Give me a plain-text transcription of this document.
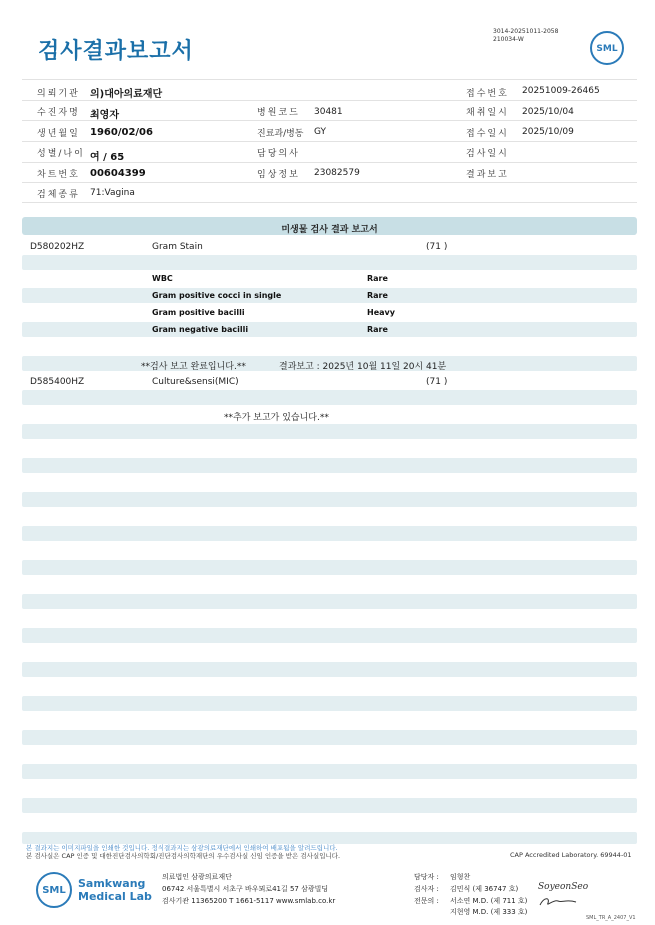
검사결과보고서
3014-20251011-2058
210034-W
SML
의뢰기관 의)대아의료재단	접수번호 20251009-26465
수진자명 최영자	병원코드 30481	채취일시 2025/10/04
생년월일 1960/02/06	진료과/병동 GY	접수일시 2025/10/09
성별/나이 여 / 65	담당의사	검사일시
차트번호 00604399	임상정보 23082579	결과보고
검체종류 71:Vagina
미생물 검사 결과 보고서
D580202HZ	Gram Stain	(71 )
WBC	Rare
Gram positive cocci in single	Rare
Gram positive bacilli	Heavy
Gram negative bacilli	Rare
**검사 보고 완료입니다.**	결과보고 : 2025년 10월 11일 20시 41분
D585400HZ	Culture&sensi(MIC)	(71 )
**추가 보고가 있습니다.**
본 결과지는 이미지파일을 인쇄한 것입니다. 정식결과지는 삼광의료재단에서 인쇄하여 배포됨을 알려드립니다.
본 검사실은 CAP 인증 및 대한진단검사의학회/진단검사의학재단의 우수검사실 신임 인증을 받은 검사실입니다.	CAP Accredited Laboratory. 69944-01
SML
Samkwang
Medical Lab
의료법인 삼광의료재단
06742 서울특별시 서초구 바우뫼로41길 57 삼광빌딩
검사기관 11365200 T 1661-5117 www.smlab.co.kr
담당자 : 임형찬
검사자 : 김민식 (제 36747 호)
전문의 : 서소연 M.D. (제 711 호)
지현영 M.D. (제 333 호)
SoyeonSeo
SML_TR_A_2407_V1
